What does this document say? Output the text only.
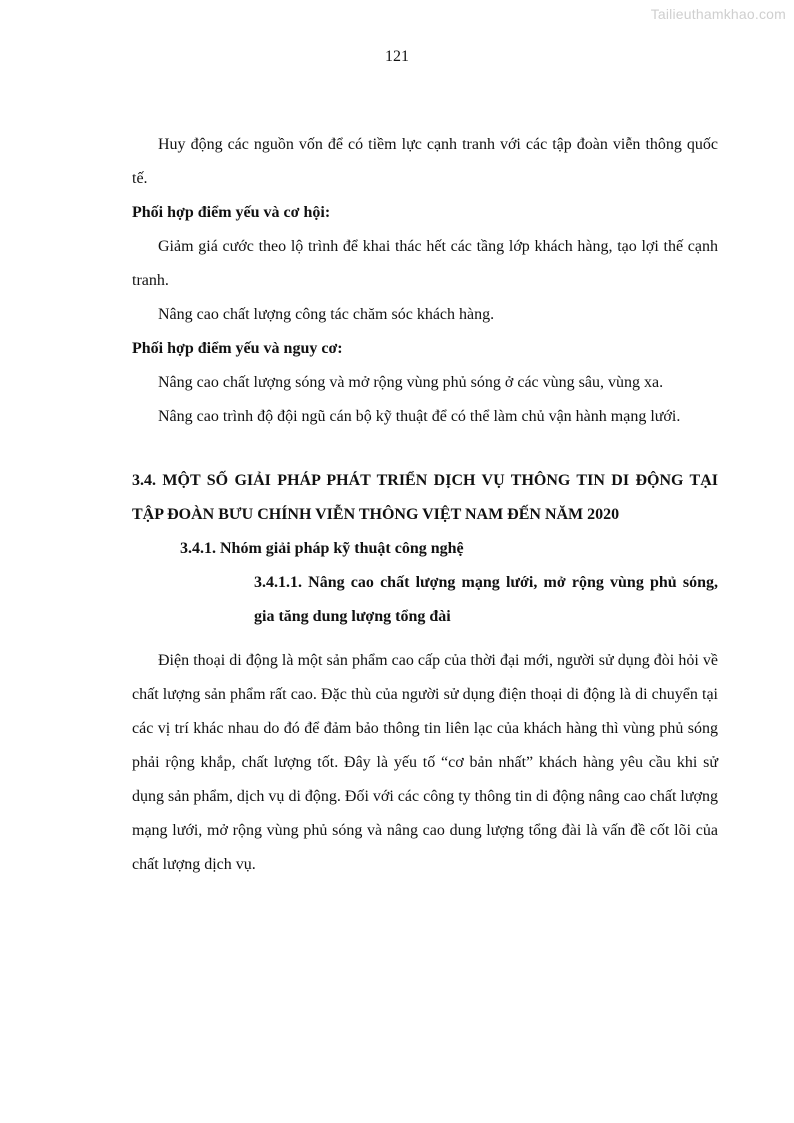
Tailieuthamkhao.com
121

Huy động các nguồn vốn để có tiềm lực cạnh tranh với các tập đoàn viễn thông quốc tế.

Phối hợp điểm yếu và cơ hội:

Giảm giá cước theo lộ trình để khai thác hết các tầng lớp khách hàng, tạo lợi thế cạnh tranh.

Nâng cao chất lượng công tác chăm sóc khách hàng.

Phối hợp điểm yếu và nguy cơ:

Nâng cao chất lượng sóng và mở rộng vùng phủ sóng ở các vùng sâu, vùng xa.

Nâng cao trình độ đội ngũ cán bộ kỹ thuật để có thể làm chủ vận hành mạng lưới.

3.4. MỘT SỐ GIẢI PHÁP PHÁT TRIỂN DỊCH VỤ THÔNG TIN DI ĐỘNG TẠI TẬP ĐOÀN BƯU CHÍNH VIỄN THÔNG VIỆT NAM ĐẾN NĂM 2020

3.4.1. Nhóm giải pháp kỹ thuật công nghệ

3.4.1.1. Nâng cao chất lượng mạng lưới, mở rộng vùng phủ sóng, gia tăng dung lượng tổng đài

Điện thoại di động là một sản phẩm cao cấp của thời đại mới, người sử dụng đòi hỏi về chất lượng sản phẩm rất cao. Đặc thù của người sử dụng điện thoại di động là di chuyển tại các vị trí khác nhau do đó để đảm bảo thông tin liên lạc của khách hàng thì vùng phủ sóng phải rộng khắp, chất lượng tốt. Đây là yếu tố “cơ bản nhất” khách hàng yêu cầu khi sử dụng sản phẩm, dịch vụ di động. Đối với các công ty thông tin di động nâng cao chất lượng mạng lưới, mở rộng vùng phủ sóng và nâng cao dung lượng tổng đài là vấn đề cốt lõi của chất lượng dịch vụ.
